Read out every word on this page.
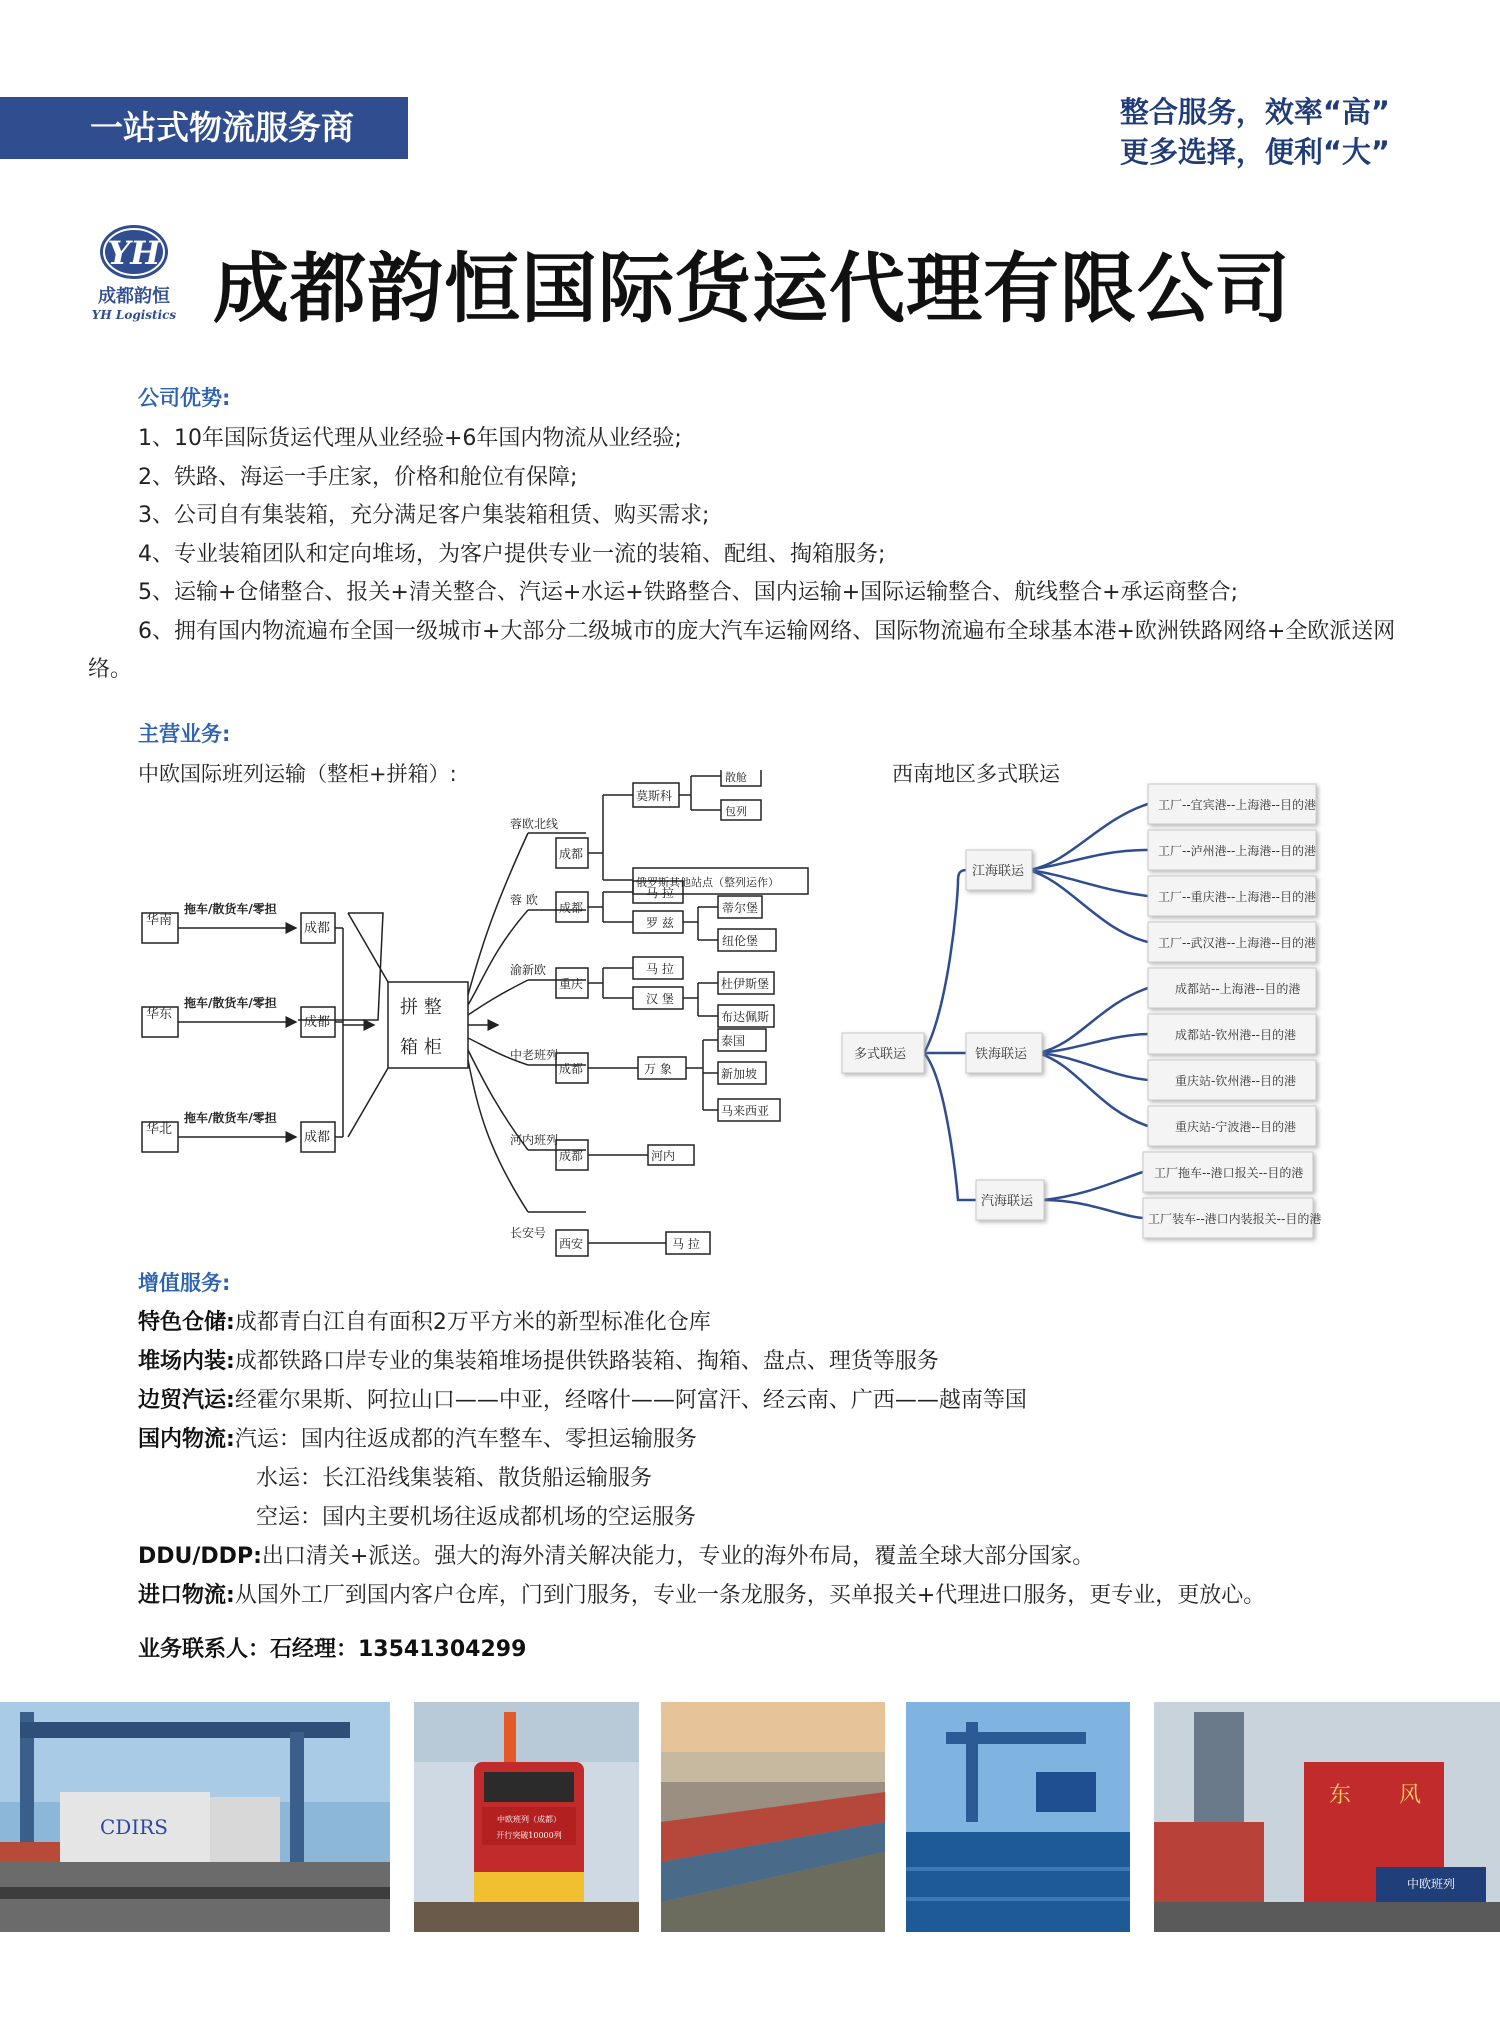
一站式物流服务商	整合服务，效率“高”
更多选择，便利“大”
YH
成都韵恒
YH Logistics 成都韵恒国际货运代理有限公司
公司优势:
1、10年国际货运代理从业经验+6年国内物流从业经验;
2、铁路、海运一手庄家，价格和舱位有保障;
3、公司自有集装箱，充分满足客户集装箱租赁、购买需求;
4、专业装箱团队和定向堆场，为客户提供专业一流的装箱、配组、掏箱服务;
5、运输+仓储整合、报关+清关整合、汽运+水运+铁路整合、国内运输+国际运输整合、航线整合+承运商整合;
6、拥有国内物流遍布全国一级城市+大部分二级城市的庞大汽车运输网络、国际物流遍布全球基本港+欧洲铁路网络+全欧派送网络。
主营业务:
中欧国际班列运输（整柜+拼箱）:	西南地区多式联运
华南
华东
华北
拖车/散货车/零担
拖车/散货车/零担
拖车/散货车/零担
成都
成都
成都
拼 整
箱 柜
蓉欧北线
蓉 欧
渝新欧
中老班列
河内班列
长安号
成都
成都
重庆
成都
成都
西安
莫斯科
散舱
包列
俄罗斯其他站点（整列运作）
马 拉
罗 兹
蒂尔堡
纽伦堡
马 拉
汉 堡
杜伊斯堡
布达佩斯
万 象
泰国
新加坡
马来西亚
河内
马 拉
多式联运
江海联运
铁海联运
汽海联运
工厂--宜宾港--上海港--目的港
工厂--泸州港--上海港--目的港
工厂--重庆港--上海港--目的港
工厂--武汉港--上海港--目的港
成都站--上海港--目的港
成都站-钦州港--目的港
重庆站-钦州港--目的港
重庆站-宁波港--目的港
工厂拖车--港口报关--目的港
工厂装车--港口内装报关--目的港
增值服务:
特色仓储:成都青白江自有面积2万平方米的新型标准化仓库
堆场内装:成都铁路口岸专业的集装箱堆场提供铁路装箱、掏箱、盘点、理货等服务
边贸汽运:经霍尔果斯、阿拉山口——中亚，经喀什——阿富汗、经云南、广西——越南等国
国内物流:汽运：国内往返成都的汽车整车、零担运输服务
水运：长江沿线集装箱、散货船运输服务
空运：国内主要机场往返成都机场的空运服务
DDU/DDP:出口清关+派送。强大的海外清关解决能力，专业的海外布局，覆盖全球大部分国家。
进口物流:从国外工厂到国内客户仓库，门到门服务，专业一条龙服务，买单报关+代理进口服务，更专业，更放心。
业务联系人：石经理：13541304299
CDIRS	中欧班列（成都）
开行突破10000列
东 风
中欧班列
